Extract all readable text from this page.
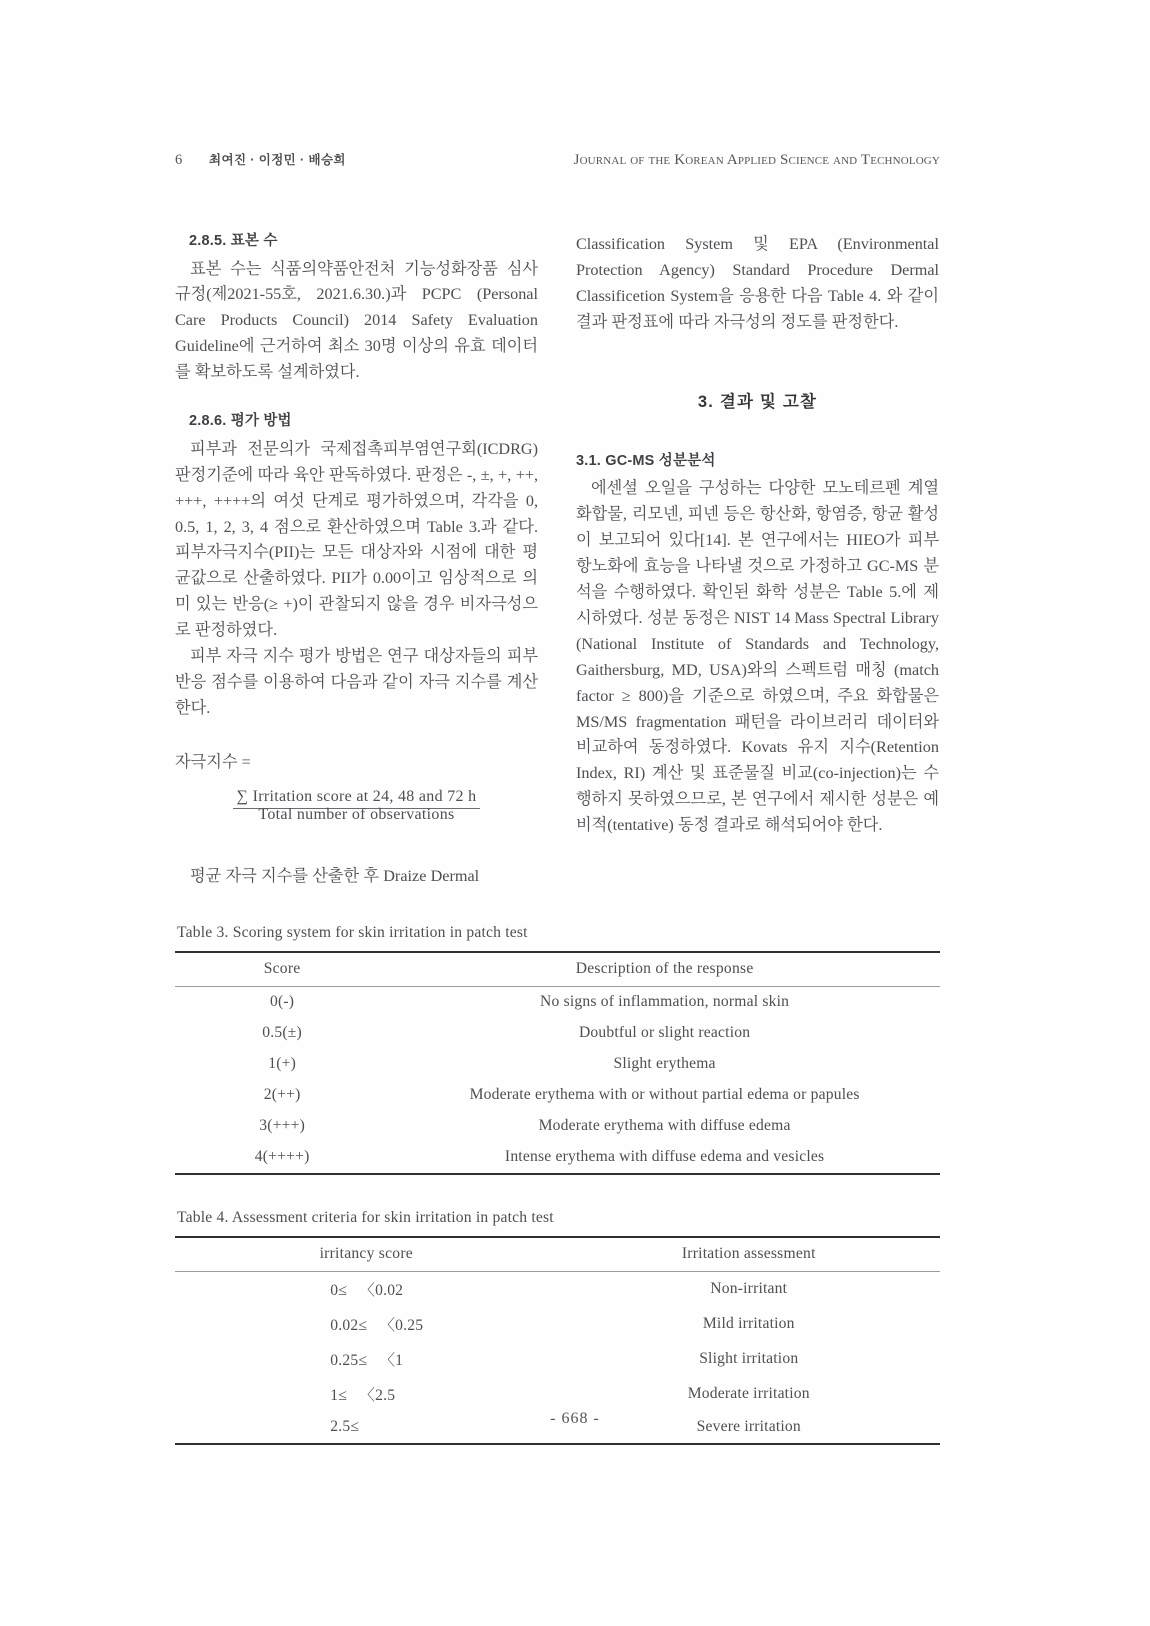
6	최여진 · 이정민 · 배승희	Journal of the Korean Applied Science and Technology
2.8.5. 표본 수

표본 수는 식품의약품안전처 기능성화장품 심사 규정(제2021-55호, 2021.6.30.)과 PCPC (Personal Care Products Council) 2014 Safety Evaluation Guideline에 근거하여 최소 30명 이상의 유효 데이터를 확보하도록 설계하였다.

2.8.6. 평가 방법

피부과 전문의가 국제접촉피부염연구회(ICDRG) 판정기준에 따라 육안 판독하였다. 판정은 -, ±, +, ++, +++, ++++의 여섯 단계로 평가하였으며, 각각을 0, 0.5, 1, 2, 3, 4 점으로 환산하였으며 Table 3.과 같다. 피부자극지수(PII)는 모든 대상자와 시점에 대한 평균값으로 산출하였다. PII가 0.00이고 임상적으로 의미 있는 반응(≥ +)이 관찰되지 않을 경우 비자극성으로 판정하였다.

피부 자극 지수 평가 방법은 연구 대상자들의 피부 반응 점수를 이용하여 다음과 같이 자극 지수를 계산한다.

자극지수 =

∑ Irritation score at 24, 48 and 72 h Total number of observations

평균 자극 지수를 산출한 후 Draize Dermal

Classification System 및 EPA (Environmental Protection Agency) Standard Procedure Dermal Classificetion System을 응용한 다음 Table 4. 와 같이 결과 판정표에 따라 자극성의 정도를 판정한다.

3. 결과 및 고찰
3.1. GC-MS 성분분석

에센셜 오일을 구성하는 다양한 모노테르펜 계열 화합물, 리모넨, 피넨 등은 항산화, 항염증, 항균 활성이 보고되어 있다[14]. 본 연구에서는 HIEO가 피부 항노화에 효능을 나타낼 것으로 가정하고 GC-MS 분석을 수행하였다. 확인된 화학 성분은 Table 5.에 제시하였다. 성분 동정은 NIST 14 Mass Spectral Library (National Institute of Standards and Technology, Gaithersburg, MD, USA)와의 스펙트럼 매칭 (match factor ≥ 800)을 기준으로 하였으며, 주요 화합물은 MS/MS fragmentation 패턴을 라이브러리 데이터와 비교하여 동정하였다. Kovats 유지 지수(Retention Index, RI) 계산 및 표준물질 비교(co-injection)는 수행하지 못하였으므로, 본 연구에서 제시한 성분은 예비적(tentative) 동정 결과로 해석되어야 한다.

Table 3. Scoring system for skin irritation in patch test

Score	Description of the response
0(-)	No signs of inflammation, normal skin
0.5(±)	Doubtful or slight reaction
1(+)	Slight erythema
2(++)	Moderate erythema with or without partial edema or papules
3(+++)	Moderate erythema with diffuse edema
4(++++)	Intense erythema with diffuse edema and vesicles

Table 4. Assessment criteria for skin irritation in patch test

irritancy score	Irritation assessment
0≤   〈0.02	Non-irritant
0.02≤   〈0.25	Mild irritation
0.25≤   〈1	Slight irritation
1≤   〈2.5	Moderate irritation
2.5≤	Severe irritation
- 668 -
